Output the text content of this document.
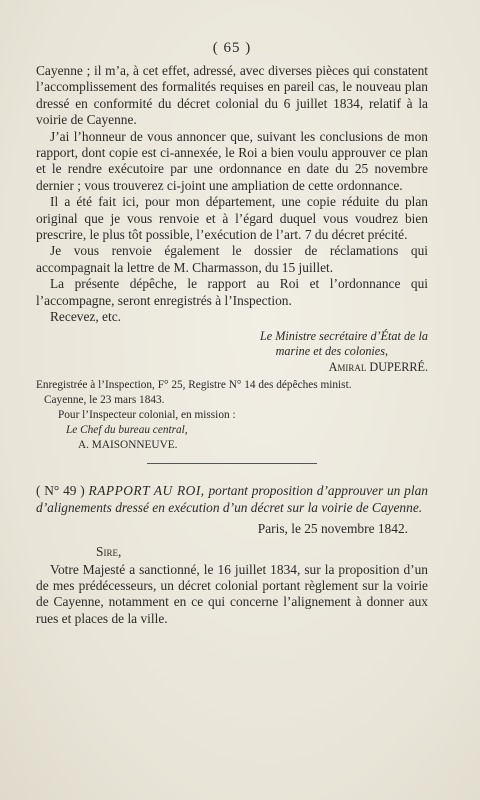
( 65 )

Cayenne ; il m’a, à cet effet, adressé, avec diverses pièces qui constatent l’accomplissement des formalités requises en pareil cas, le nouveau plan dressé en conformité du décret colonial du 6 juillet 1834, relatif à la voirie de Cayenne.

J’ai l’honneur de vous annoncer que, suivant les conclusions de mon rapport, dont copie est ci-annexée, le Roi a bien voulu approuver ce plan et le rendre exécutoire par une ordonnance en date du 25 novembre dernier ; vous trouverez ci-joint une ampliation de cette ordonnance.

Il a été fait ici, pour mon département, une copie réduite du plan original que je vous renvoie et à l’égard duquel vous voudrez bien prescrire, le plus tôt possible, l’exécution de l’art. 7 du décret précité.

Je vous renvoie également le dossier de réclamations qui accompagnait la lettre de M. Charmasson, du 15 juillet.

La présente dépêche, le rapport au Roi et l’ordonnance qui l’accompagne, seront enregistrés à l’Inspection.

Recevez, etc.

Le Ministre secrétaire d’État de la
marine et des colonies,
Amiral DUPERRÉ.
Enregistrée à l’Inspection, F° 25, Registre N° 14 des dépêches minist.
Cayenne, le 23 mars 1843.
Pour l’Inspecteur colonial, en mission :
Le Chef du bureau central,
A. MAISONNEUVE.
( N° 49 ) RAPPORT AU ROI, portant proposition d’approuver un plan d’alignements dressé en exécution d’un décret sur la voirie de Cayenne.
Paris, le 25 novembre 1842.
Sire,

Votre Majesté a sanctionné, le 16 juillet 1834, sur la proposition d’un de mes prédécesseurs, un décret colonial portant règlement sur la voirie de Cayenne, notamment en ce qui concerne l’alignement à donner aux rues et places de la ville.
